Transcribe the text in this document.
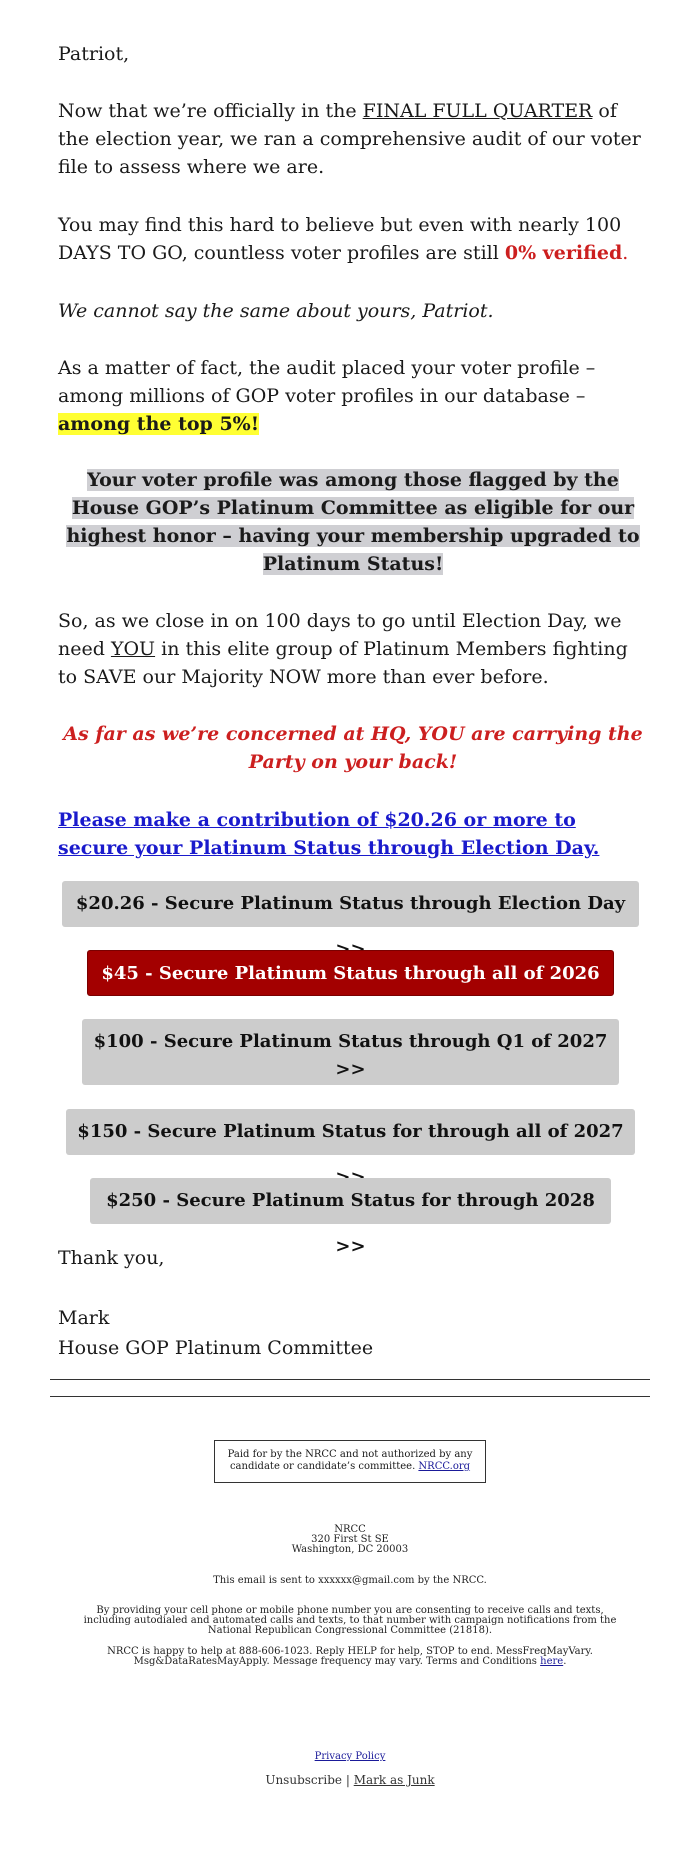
Patriot,

Now that we’re officially in the FINAL FULL QUARTER of the election year, we ran a comprehensive audit of our voter file to assess where we are.

You may find this hard to believe but even with nearly 100 DAYS TO GO, countless voter profiles are still 0% verified.

We cannot say the same about yours, Patriot.

As a matter of fact, the audit placed your voter profile – among millions of GOP voter profiles in our database – among the top 5%!

Your voter profile was among those flagged by the House GOP’s Platinum Committee as eligible for our highest honor – having your membership upgraded to Platinum Status!

So, as we close in on 100 days to go until Election Day, we need YOU in this elite group of Platinum Members fighting to SAVE our Majority NOW more than ever before.

As far as we’re concerned at HQ, YOU are carrying the Party on your back!

Please make a contribution of $20.26 or more to secure your Platinum Status through Election Day.

Thank you,

Mark

House GOP Platinum Committee

$20.26 - Secure Platinum Status through Election Day
$45 - Secure Platinum Status through all of 2026
$100 - Secure Platinum Status through Q1 of 2027 >>
$150 - Secure Platinum Status for through all of 2027
$250 - Secure Platinum Status for through 2028 >>
Paid for by the NRCC and not authorized by any candidate or candidate’s committee. NRCC.org

NRCC
320 First St SE
Washington, DC 20003

This email is sent to xxxxxx@gmail.com by the NRCC.

By providing your cell phone or mobile phone number you are consenting to receive calls and texts, including autodialed and automated calls and texts, to that number with campaign notifications from the National Republican Congressional Committee (21818).

NRCC is happy to help at 888-606-1023. Reply HELP for help, STOP to end. MessFreqMayVary. Msg&DataRatesMayApply. Message frequency may vary. Terms and Conditions here.

Privacy Policy

Unsubscribe | Mark as Junk
